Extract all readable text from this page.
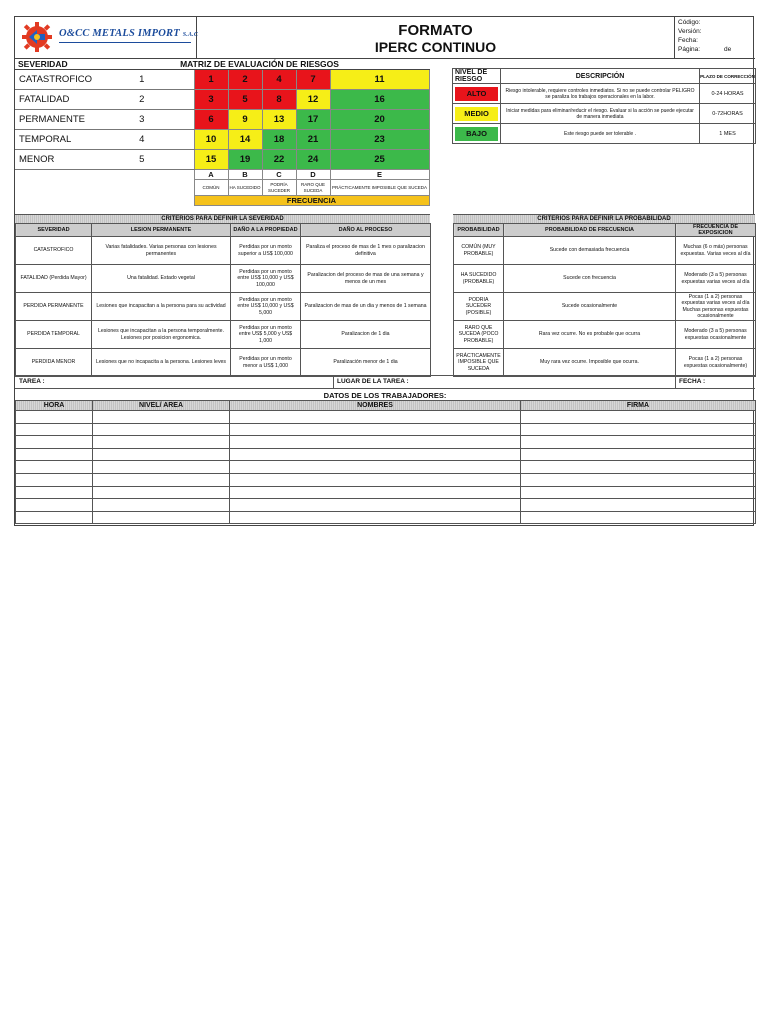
O&CC METALS IMPORT S.A.C	FORMATO
IPERC CONTINUO
Código:
Versión:
Fecha:
Página:	de
SEVERIDAD	MATRIZ DE EVALUACIÓN DE RIESGOS					
CATASTROFICO	1	1	2	4	7	11
FATALIDAD	2	3	5	8	12	16
PERMANENTE	3	6	9	13	17	20
TEMPORAL	4	10	14	18	21	23
MENOR	5	15	19	22	24	25
		A	B	C	D	E
		COMÚN	HA SUCEDIDO	PODRÍA SUCEDER	RARO QUE SUCEDA	PRÁCTICAMENTE IMPOSIBLE QUE SUCEDA
		FRECUENCIA				
NIVEL DE RIESGO	DESCRIPCIÓN	PLAZO DE CORRECCIÓN

ALTO	Riesgo intolerable, requiere controles inmediatos. Si no se puede controlar PELIGRO se paraliza los trabajos operacionales en la labor.	0-24 HORAS

MEDIO	Iniciar medidas para eliminar/reducir el riesgo. Evaluar si la acción se puede ejecutar de manera inmediata	0-72HORAS

BAJO	Este riesgo puede ser tolerable .	1 MES
CRITERIOS PARA DEFINIR LA SEVERIDAD
SEVERIDAD	LESION PERMANENTE	DAÑO A LA PROPIEDAD	DAÑO AL PROCESO
CATASTROFICO	Varias fatalidades. Varias personas con lesiones permanentes	Perdidas por un monto superior a US$ 100,000	Paraliza el proceso de mas de 1 mes o paralizacion definitiva
FATALIDAD (Perdida Mayor)	Una fatalidad. Estado vegetal	Perdidas por un monto entre US$ 10,000 y US$ 100,000	Paralizacion del proceso de mas de una semana y menos de un mes
PERDIDA PERMANENTE	Lesiones que incapacitan a la persona para su actividad	Perdidas por un monto entre US$ 10,000 y US$ 5,000	Paralizacion de mas de un dia y menos de 1 semana
PERDIDA TEMPORAL	Lesiones que incapacitan a la persona temporalmente. Lesiones por posicion ergonomica.	Perdidas por un monto entre US$ 5,000 y US$ 1,000	Paralizacion de 1 dia
PERDIDA MENOR	Lesiones que no incapacita a la persona. Lesiones leves	Perdidas por un monto menor a US$ 1,000	Paralización menor de 1 dia
CRITERIOS PARA DEFINIR LA PROBABILIDAD
PROBABILIDAD	PROBABILIDAD DE FRECUENCIA	FRECUENCIA DE EXPOSICION
COMÚN (MUY PROBABLE)	Sucede con demasiada frecuencia	Muchas (6 o más) personas expuestas. Varias veces al día
HA SUCEDIDO (PROBABLE)	Sucede con frecuencia	Moderado (3 a 5) personas expuestas varias veces al día
PODRIA SUCEDER (POSIBLE)	Sucede ocasionalmente	Pocas (1 a 2) personas expuestas varias veces al día Muchas personas expuestas ocasionalmente
RARO QUE SUCEDA (POCO PROBABLE)	Rara vez ocurre. No es probable que ocurra	Moderado (3 a 5) personas expuestas ocasionalmente
PRÁCTICAMENTE IMPOSIBLE QUE SUCEDA	Muy rara vez ocurre. Imposible que ocurra.	Pocas (1 a 2) personas expuestas ocasionalmente)
TAREA :	LUGAR DE LA TAREA :	FECHA :
DATOS DE LOS TRABAJADORES:
HORA	NIVEL/ AREA	NOMBRES	FIRMA
